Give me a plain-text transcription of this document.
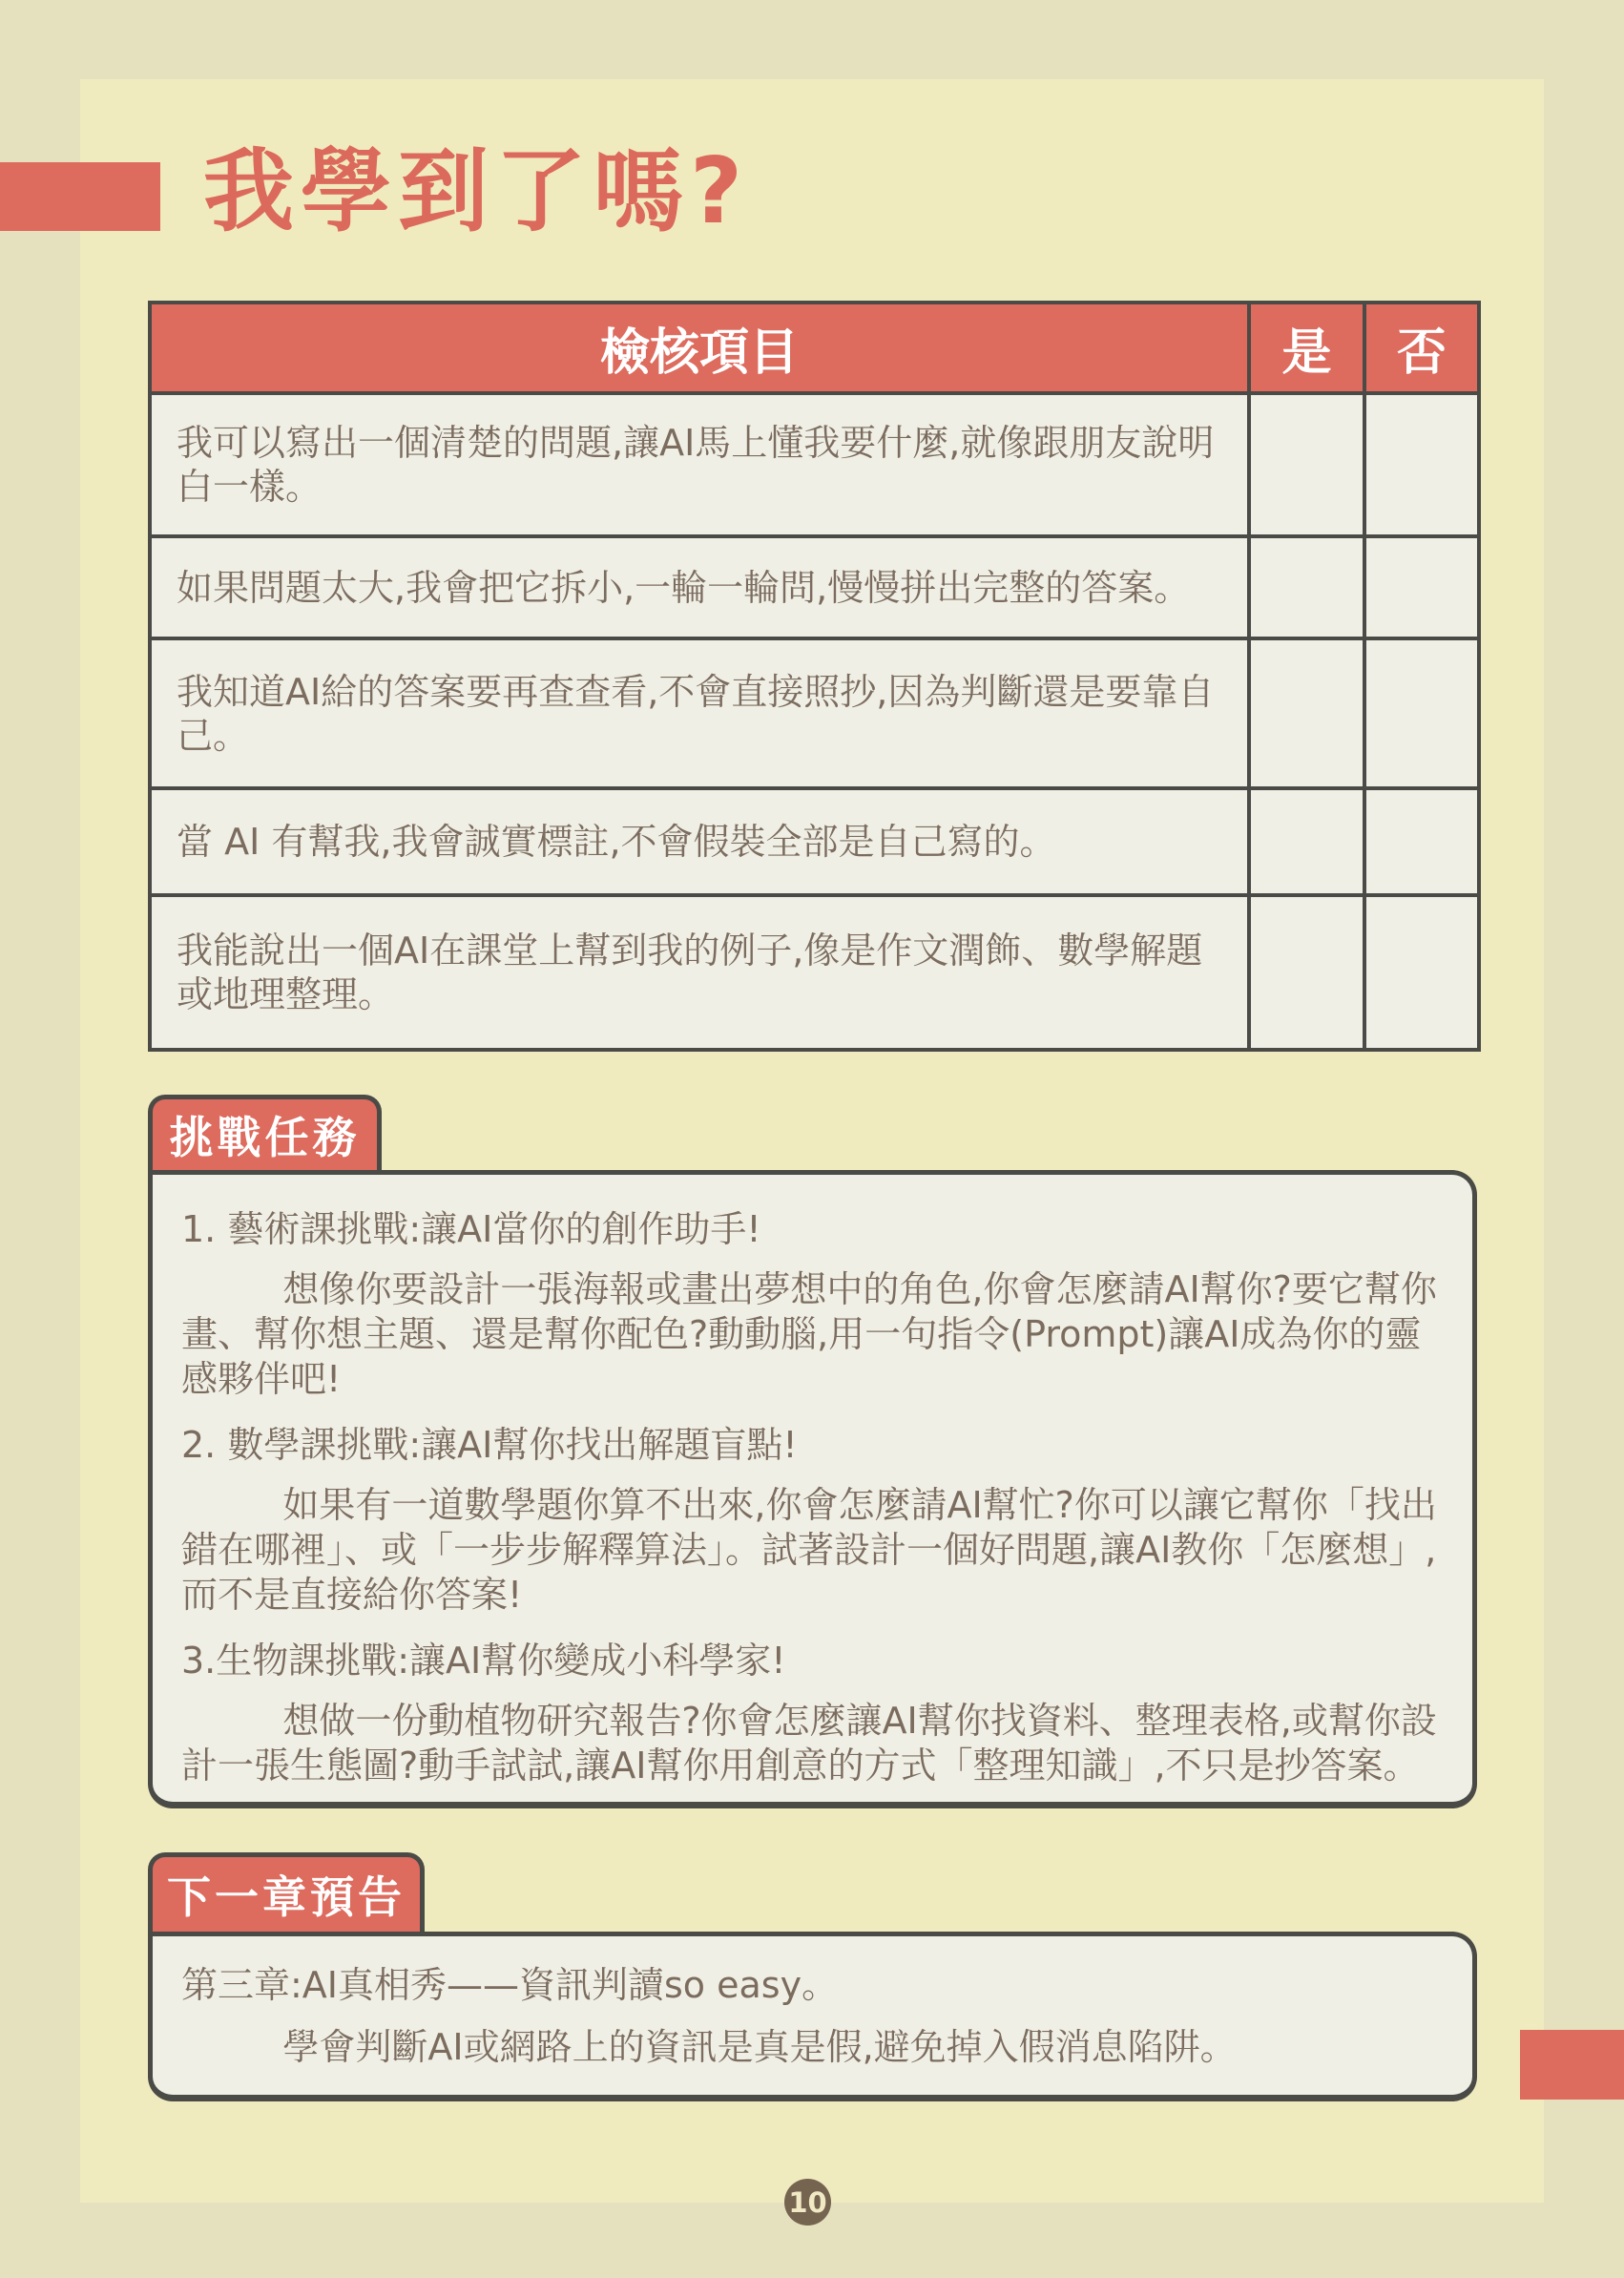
我學到了嗎?
檢核項目	是	否
我可以寫出一個清楚的問題,讓AI馬上懂我要什麼,就像跟朋友說明白一樣。		
如果問題太大,我會把它拆小,一輪一輪問,慢慢拼出完整的答案。		
我知道AI給的答案要再查查看,不會直接照抄,因為判斷還是要靠自己。		
當 AI 有幫我,我會誠實標註,不會假裝全部是自己寫的。		
我能說出一個AI在課堂上幫到我的例子,像是作文潤飾、數學解題或地理整理。		
挑戰任務

1. 藝術課挑戰:讓AI當你的創作助手!

想像你要設計一張海報或畫出夢想中的角色,你會怎麼請AI幫你?要它幫你畫、幫你想主題、還是幫你配色?動動腦,用一句指令(Prompt)讓AI成為你的靈感夥伴吧!

2. 數學課挑戰:讓AI幫你找出解題盲點!

如果有一道數學題你算不出來,你會怎麼請AI幫忙?你可以讓它幫你「找出錯在哪裡」、或「一步步解釋算法」。試著設計一個好問題,讓AI教你「怎麼想」,而不是直接給你答案!

3.生物課挑戰:讓AI幫你變成小科學家!

想做一份動植物研究報告?你會怎麼讓AI幫你找資料、整理表格,或幫你設計一張生態圖?動手試試,讓AI幫你用創意的方式「整理知識」,不只是抄答案。

下一章預告

第三章:AI真相秀——資訊判讀so easy。

學會判斷AI或網路上的資訊是真是假,避免掉入假消息陷阱。

10
